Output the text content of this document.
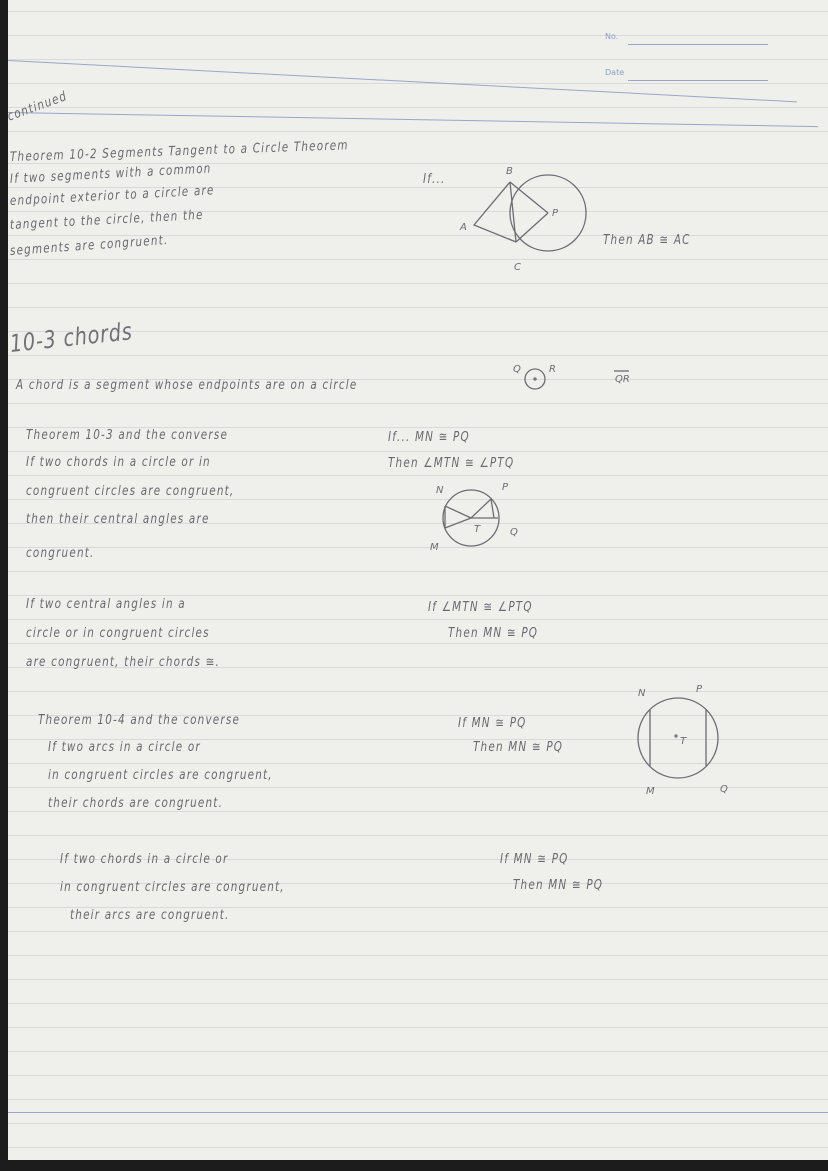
No.
Date
continued
Theorem 10-2 Segments Tangent to a Circle Theorem
If two segments with a common
endpoint exterior to a circle are
tangent to the circle, then the
segments are congruent.
If...
Then AB ≅ AC
B
P
A
C
10-3 chords
A chord is a segment whose endpoints are on a circle
Q	R
QR
Theorem 10-3 and the converse
If two chords in a circle or in
congruent circles are congruent,
then their central angles are
congruent.
If... MN ≅ PQ
Then ∠MTN ≅ ∠PTQ
N	P
T	Q
M
If two central angles in a
circle or in congruent circles
are congruent, their chords ≅.
If ∠MTN ≅ ∠PTQ
Then MN ≅ PQ
Theorem 10-4 and the converse
If two arcs in a circle or
in congruent circles are congruent,
their chords are congruent.
If MN ≅ PQ
Then MN ≅ PQ
N	P
T
Q
M
If two chords in a circle or
in congruent circles are congruent,
their arcs are congruent.
If MN ≅ PQ
Then MN ≅ PQ
